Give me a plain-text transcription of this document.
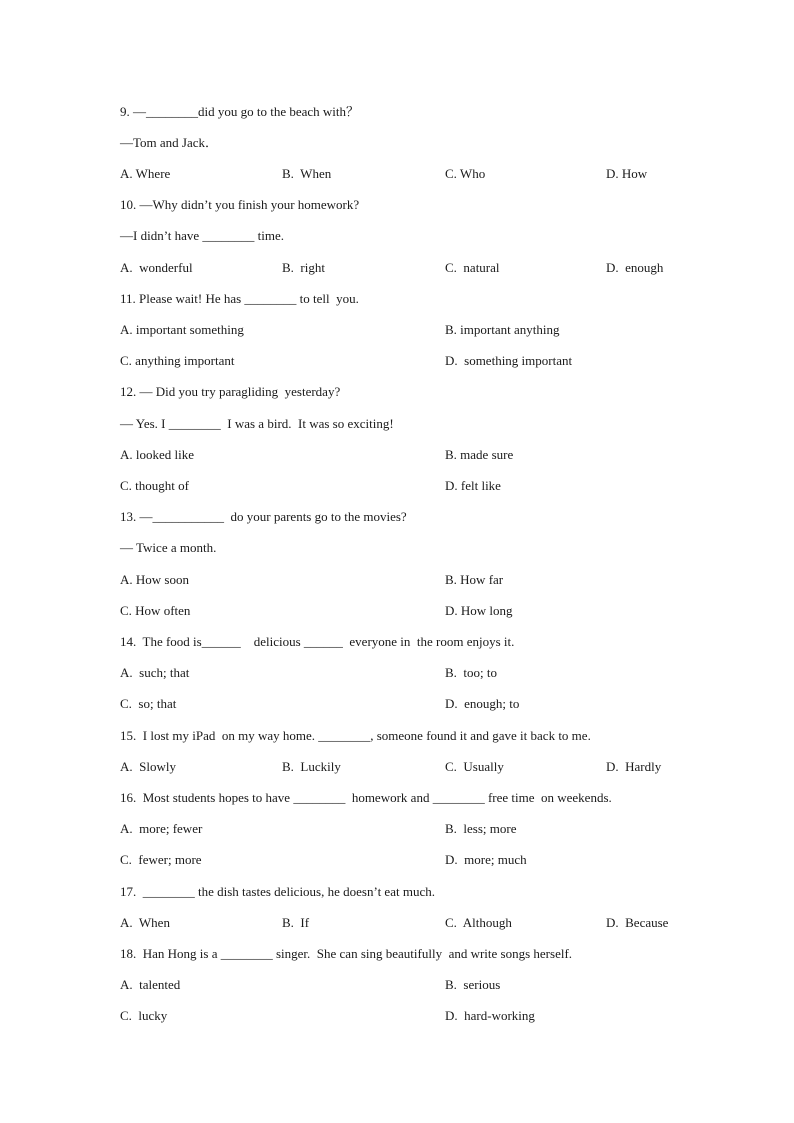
9. —________did you go to the beach with？
—Tom and Jack．
A. Where	B.  When	C. Who	D. How
10. —Why didn’t you finish your homework?
—I didn’t have ________ time.
A.  wonderful	B.  right	C.  natural	D.  enough
11. Please wait! He has ________ to tell  you.
A. important something	B. important anything
C. anything important	D.  something important
12. — Did you try paragliding  yesterday?
— Yes. I ________  I was a bird.  It was so exciting!
A. looked like	B. made sure
C. thought of	D. felt like
13. —___________  do your parents go to the movies?
— Twice a month.
A. How soon	B. How far
C. How often	D. How long
14.  The food is______    delicious ______  everyone in  the room enjoys it.
A.  such; that	B.  too; to
C.  so; that	D.  enough; to
15.  I lost my iPad  on my way home. ________, someone found it and gave it back to me.
A.  Slowly	B.  Luckily	C.  Usually	D.  Hardly
16.  Most students hopes to have ________  homework and ________ free time  on weekends.
A.  more; fewer	B.  less; more
C.  fewer; more	D.  more; much
17.  ________ the dish tastes delicious, he doesn’t eat much.
A.  When	B.  If	C.  Although	D.  Because
18.  Han Hong is a ________ singer.  She can sing beautifully  and write songs herself.
A.  talented	B.  serious
C.  lucky	D.  hard-working
